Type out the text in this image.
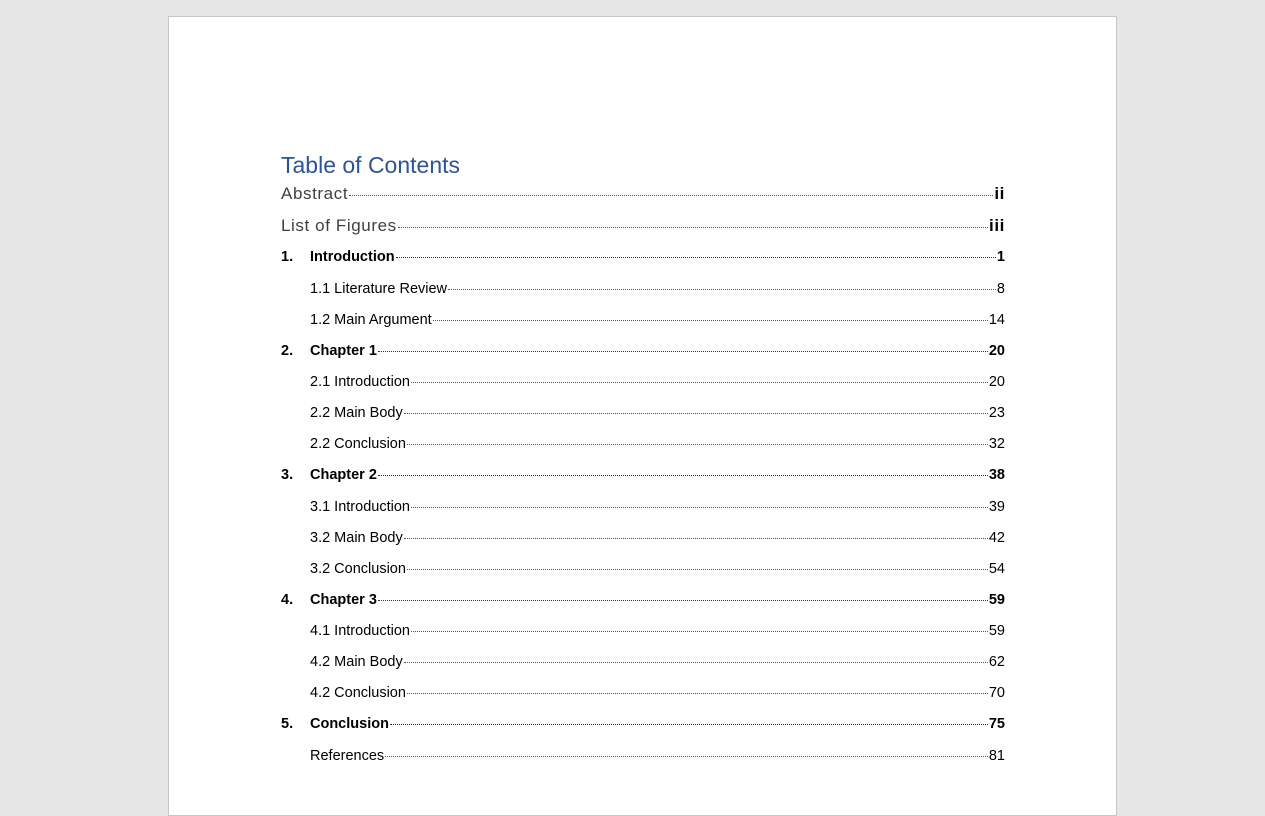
Table of Contents
Abstract	ii
List of Figures	iii
1.	Introduction	1
1.1 Literature Review	8
1.2 Main Argument	14
2.	Chapter 1	20
2.1 Introduction	20
2.2 Main Body	23
2.2 Conclusion	32
3.	Chapter 2	38
3.1 Introduction	39
3.2 Main Body	42
3.2 Conclusion	54
4.	Chapter 3	59
4.1 Introduction	59
4.2 Main Body	62
4.2 Conclusion	70
5.	Conclusion	75
References	81
